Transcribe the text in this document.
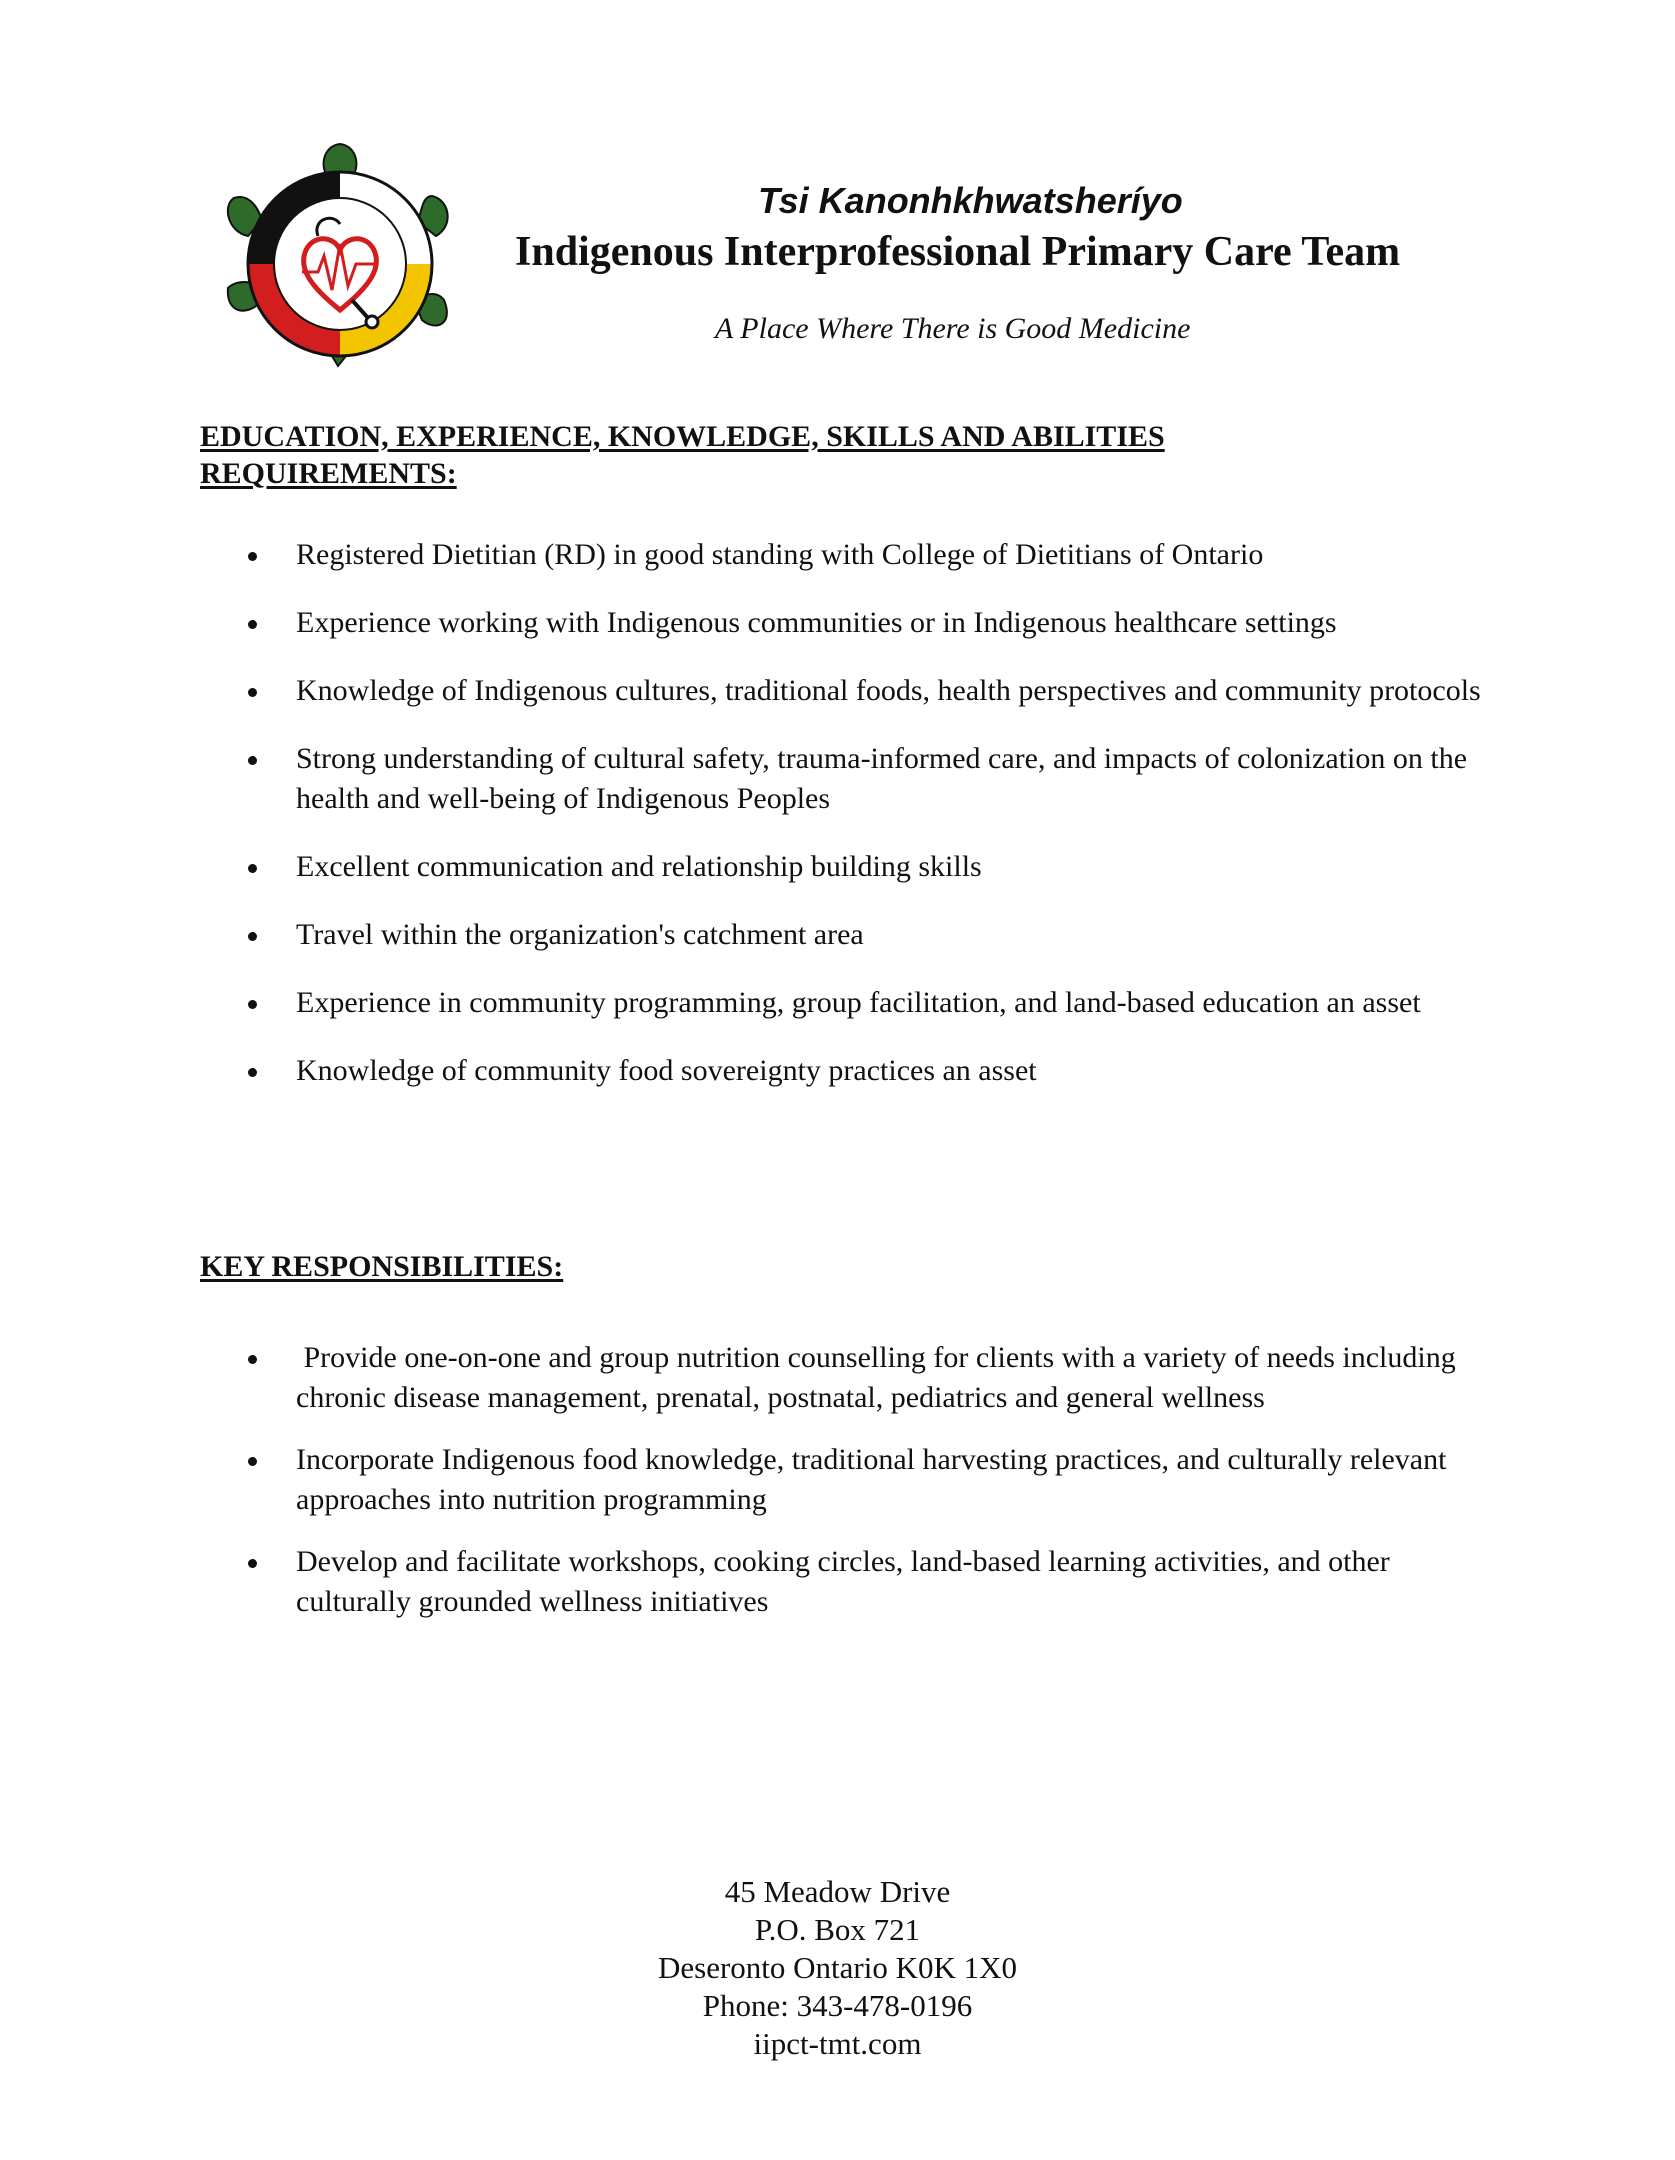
Tsi Kanonhkhwatsheríyo
Indigenous Interprofessional Primary Care Team
A Place Where There is Good Medicine
EDUCATION, EXPERIENCE, KNOWLEDGE, SKILLS AND ABILITIES
REQUIREMENTS:
Registered Dietitian (RD) in good standing with College of Dietitians of Ontario
Experience working with Indigenous communities or in Indigenous healthcare settings
Knowledge of Indigenous cultures, traditional foods, health perspectives and community protocols
Strong understanding of cultural safety, trauma-informed care, and impacts of colonization on the health and well-being of Indigenous Peoples
Excellent communication and relationship building skills
Travel within the organization's catchment area
Experience in community programming, group facilitation, and land-based education an asset
Knowledge of community food sovereignty practices an asset
KEY RESPONSIBILITIES:
Provide one-on-one and group nutrition counselling for clients with a variety of needs including chronic disease management, prenatal, postnatal, pediatrics and general wellness
Incorporate Indigenous food knowledge, traditional harvesting practices, and culturally relevant approaches into nutrition programming
Develop and facilitate workshops, cooking circles, land-based learning activities, and other culturally grounded wellness initiatives
45 Meadow Drive
P.O. Box 721
Deseronto Ontario K0K 1X0
Phone: 343-478-0196
iipct-tmt.com
